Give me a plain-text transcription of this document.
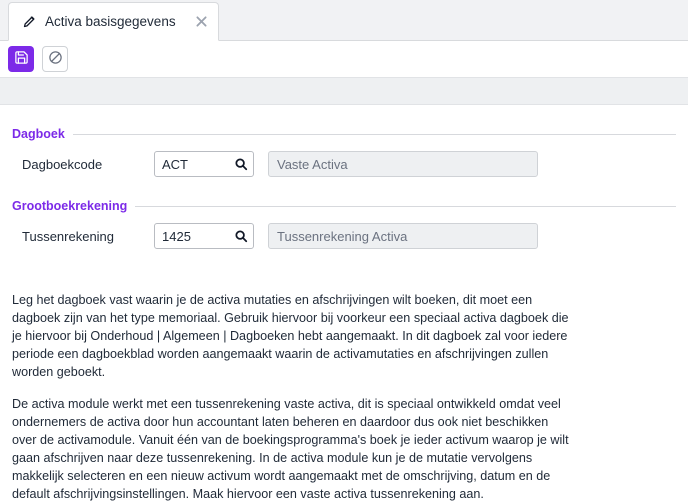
Activa basisgegevens
Dagboek
Dagboekcode
ACT
Vaste Activa
Grootboekrekening
Tussenrekening
1425
Tussenrekening Activa

Leg het dagboek vast waarin je de activa mutaties en afschrijvingen wilt boeken, dit moet een dagboek zijn van het type memoriaal. Gebruik hiervoor bij voorkeur een speciaal activa dagboek die je hiervoor bij Onderhoud | Algemeen | Dagboeken hebt aangemaakt. In dit dagboek zal voor iedere periode een dagboekblad worden aangemaakt waarin de activamutaties en afschrijvingen zullen worden geboekt.

De activa module werkt met een tussenrekening vaste activa, dit is speciaal ontwikkeld omdat veel ondernemers de activa door hun accountant laten beheren en daardoor dus ook niet beschikken over de activamodule. Vanuit één van de boekingsprogramma's boek je ieder activum waarop je wilt gaan afschrijven naar deze tussenrekening. In de activa module kun je de mutatie vervolgens makkelijk selecteren en een nieuw activum wordt aangemaakt met de omschrijving, datum en de default afschrijvingsinstellingen. Maak hiervoor een vaste activa tussenrekening aan.
